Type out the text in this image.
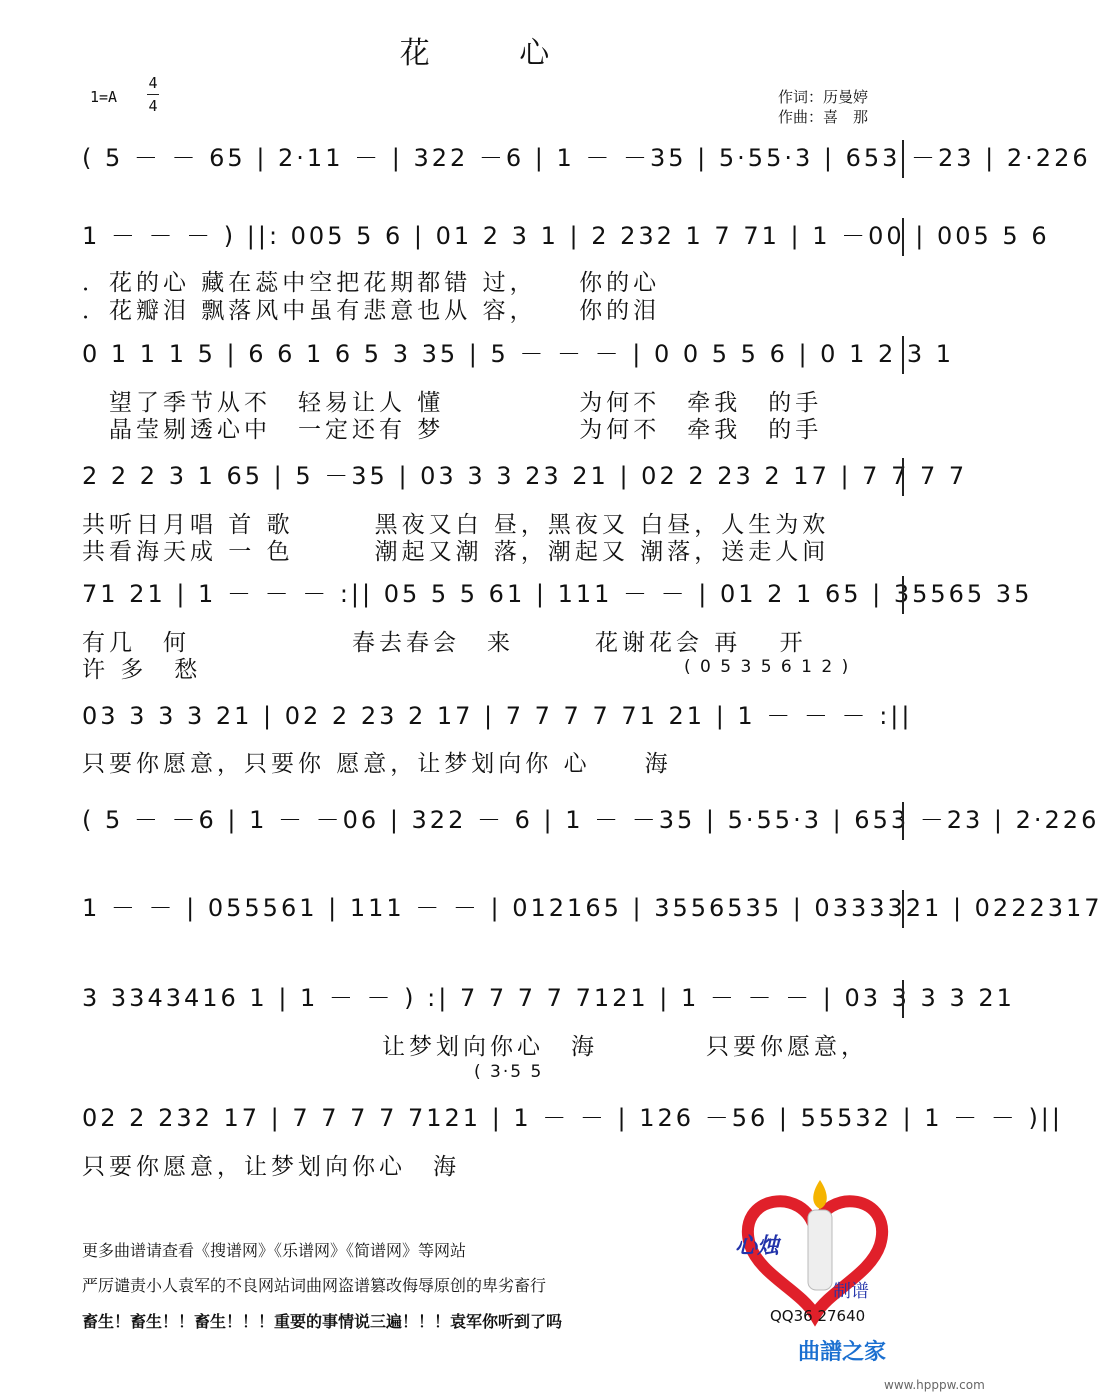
花 心
1=A
4
4	作词：历曼婷
作曲：喜　那
( 5 － － 65 | 2·11 － | 322 －6 | 1 － －35 | 5·55·3 | 653 －23 | 2·226
1 － － － ) ||: 005 5 6 | 01 2 3 1 | 2 232 1 7 71 | 1 －00 | 005 5 6
．花的心 藏在蕊中空把花期都错 过，　　你的心
．花瓣泪 飘落风中虽有悲意也从 容，　　你的泪
0 1 1 1 5 | 6 6 1 6 5 3 35 | 5 － － － | 0 0 5 5 6 | 0 1 2 3 1
　望了季节从不　轻易让人 懂　　　　　为何不　牵我　的手
　晶莹剔透心中　一定还有 梦　　　　　为何不　牵我　的手
2 2 2 3 1 65 | 5 －35 | 03 3 3 23 21 | 02 2 23 2 17 | 7 7 7 7
共听日月唱 首 歌　　　黑夜又白 昼，黑夜又 白昼，人生为欢
共看海天成 一 色　　　潮起又潮 落，潮起又 潮落，送走人间
71 21 | 1 － － － :|| 05 5 5 61 | 111 － － | 01 2 1 65 | 35565 35
有几　何　　　　　　春去春会　来　　　花谢花会 再　 开
许 多　愁	( 0 5 3 5 6 1 2 )
03 3 3 3 21 | 02 2 23 2 17 | 7 7 7 7 71 21 | 1 － － － :||
只要你愿意，只要你 愿意，让梦划向你 心　　海
( 5 － －6 | 1 － －06 | 322 － 6 | 1 － －35 | 5·55·3 | 653 －23 | 2·226
1 － － | 055561 | 111 － － | 012165 | 3556535 | 0333321 | 0222317
3 3343416 1 | 1 － － ) :| 7 7 7 7 7121 | 1 － － － | 03 3 3 3 21
让梦划向你心　海　　　　只要你愿意，
( 3·5 5
02 2 232 17 | 7 7 7 7 7121 | 1 － － | 126 －56 | 55532 | 1 － － )||
只要你愿意，让梦划向你心　海
更多曲谱请查看《搜谱网》《乐谱网》《简谱网》等网站
严厉谴责小人袁军的不良网站词曲网盗谱篡改侮辱原创的卑劣畜行
畜生！畜生！！畜生！！！重要的事情说三遍！！！袁军你听到了吗
心烛
制谱
QQ36 27640
曲譜之家
www.hpppw.com
